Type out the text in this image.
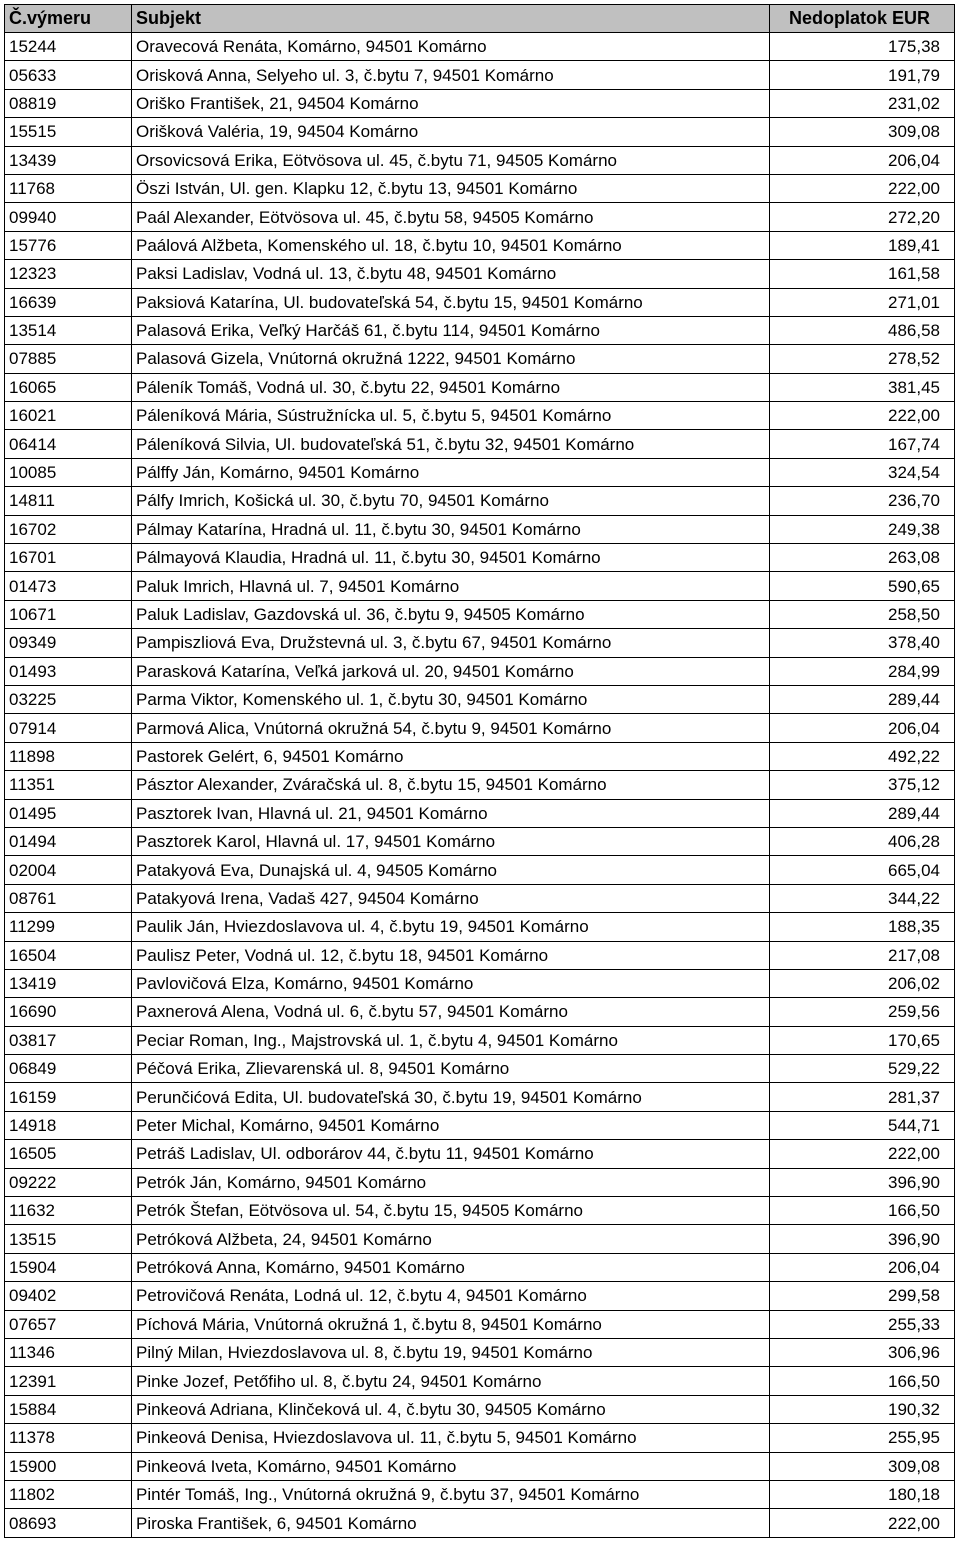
Č.výmeru	Subjekt	Nedoplatok EUR
15244	Oravecová Renáta, Komárno, 94501 Komárno	175,38
05633	Orisková Anna, Selyeho ul. 3, č.bytu 7, 94501 Komárno	191,79
08819	Oriško František, 21, 94504 Komárno	231,02
15515	Orišková Valéria, 19, 94504 Komárno	309,08
13439	Orsovicsová Erika, Eötvösova ul. 45, č.bytu 71, 94505 Komárno	206,04
11768	Öszi István, Ul. gen. Klapku 12, č.bytu 13, 94501 Komárno	222,00
09940	Paál Alexander, Eötvösova ul. 45, č.bytu 58, 94505 Komárno	272,20
15776	Paálová Alžbeta, Komenského ul. 18, č.bytu 10, 94501 Komárno	189,41
12323	Paksi Ladislav, Vodná ul. 13, č.bytu 48, 94501 Komárno	161,58
16639	Paksiová Katarína, Ul. budovateľská 54, č.bytu 15, 94501 Komárno	271,01
13514	Palasová Erika, Veľký Harčáš 61, č.bytu 114, 94501 Komárno	486,58
07885	Palasová Gizela, Vnútorná okružná 1222, 94501 Komárno	278,52
16065	Páleník Tomáš, Vodná ul. 30, č.bytu 22, 94501 Komárno	381,45
16021	Páleníková Mária, Sústružnícka ul. 5, č.bytu 5, 94501 Komárno	222,00
06414	Páleníková Silvia, Ul. budovateľská 51, č.bytu 32, 94501 Komárno	167,74
10085	Pálffy Ján, Komárno, 94501 Komárno	324,54
14811	Pálfy Imrich, Košická ul. 30, č.bytu 70, 94501 Komárno	236,70
16702	Pálmay Katarína, Hradná ul. 11, č.bytu 30, 94501 Komárno	249,38
16701	Pálmayová Klaudia, Hradná ul. 11, č.bytu 30, 94501 Komárno	263,08
01473	Paluk Imrich, Hlavná ul. 7, 94501 Komárno	590,65
10671	Paluk Ladislav, Gazdovská ul. 36, č.bytu 9, 94505 Komárno	258,50
09349	Pampiszliová Eva, Družstevná ul. 3, č.bytu 67, 94501 Komárno	378,40
01493	Parasková Katarína, Veľká jarková ul. 20, 94501 Komárno	284,99
03225	Parma Viktor, Komenského ul. 1, č.bytu 30, 94501 Komárno	289,44
07914	Parmová Alica, Vnútorná okružná 54, č.bytu 9, 94501 Komárno	206,04
11898	Pastorek Gelért, 6, 94501 Komárno	492,22
11351	Pásztor Alexander, Zváračská ul. 8, č.bytu 15, 94501 Komárno	375,12
01495	Pasztorek Ivan, Hlavná ul. 21, 94501 Komárno	289,44
01494	Pasztorek Karol, Hlavná ul. 17, 94501 Komárno	406,28
02004	Patakyová Eva, Dunajská ul. 4, 94505 Komárno	665,04
08761	Patakyová Irena, Vadaš 427, 94504 Komárno	344,22
11299	Paulik Ján, Hviezdoslavova ul. 4, č.bytu 19, 94501 Komárno	188,35
16504	Paulisz Peter, Vodná ul. 12, č.bytu 18, 94501 Komárno	217,08
13419	Pavlovičová Elza, Komárno, 94501 Komárno	206,02
16690	Paxnerová Alena, Vodná ul. 6, č.bytu 57, 94501 Komárno	259,56
03817	Peciar Roman, Ing., Majstrovská ul. 1, č.bytu 4, 94501 Komárno	170,65
06849	Péčová Erika, Zlievarenská ul. 8, 94501 Komárno	529,22
16159	Perunčićová Edita, Ul. budovateľská 30, č.bytu 19, 94501 Komárno	281,37
14918	Peter Michal, Komárno, 94501 Komárno	544,71
16505	Petráš Ladislav, Ul. odborárov 44, č.bytu 11, 94501 Komárno	222,00
09222	Petrók Ján, Komárno, 94501 Komárno	396,90
11632	Petrók Štefan, Eötvösova ul. 54, č.bytu 15, 94505 Komárno	166,50
13515	Petróková Alžbeta, 24, 94501 Komárno	396,90
15904	Petróková Anna, Komárno, 94501 Komárno	206,04
09402	Petrovičová Renáta, Lodná ul. 12, č.bytu 4, 94501 Komárno	299,58
07657	Píchová Mária, Vnútorná okružná 1, č.bytu 8, 94501 Komárno	255,33
11346	Pilný Milan, Hviezdoslavova ul. 8, č.bytu 19, 94501 Komárno	306,96
12391	Pinke Jozef, Petőfiho ul. 8, č.bytu 24, 94501 Komárno	166,50
15884	Pinkeová Adriana, Klinčeková ul. 4, č.bytu 30, 94505 Komárno	190,32
11378	Pinkeová Denisa, Hviezdoslavova ul. 11, č.bytu 5, 94501 Komárno	255,95
15900	Pinkeová Iveta, Komárno, 94501 Komárno	309,08
11802	Pintér Tomáš, Ing., Vnútorná okružná 9, č.bytu 37, 94501 Komárno	180,18
08693	Piroska František, 6, 94501 Komárno	222,00
